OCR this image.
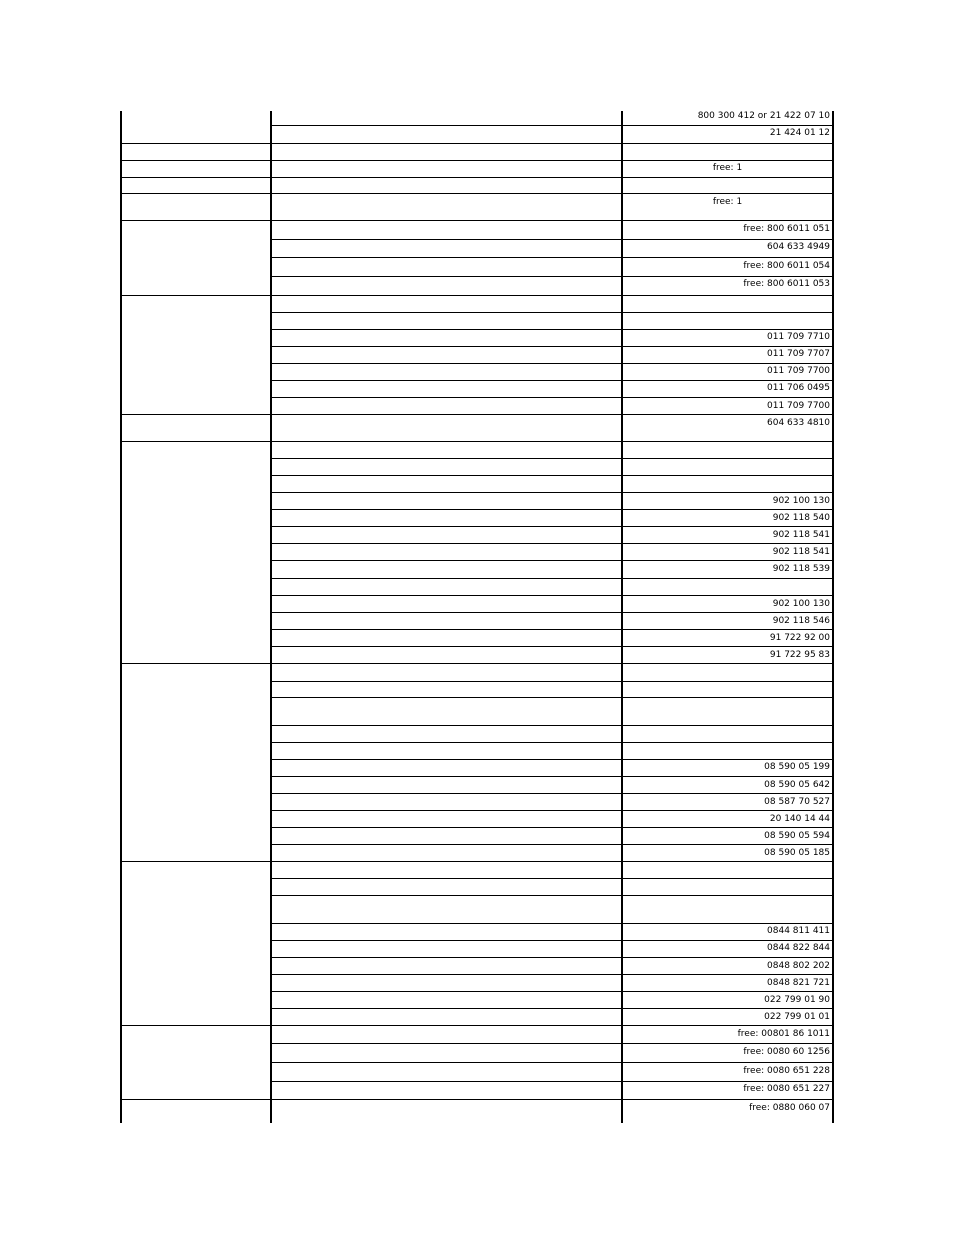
800 300 412 or 21 422 07 10
21 424 01 12
free: 1
free: 1
free: 800 6011 051
604 633 4949
free: 800 6011 054
free: 800 6011 053
011 709 7710
011 709 7707
011 709 7700
011 706 0495
011 709 7700
604 633 4810
902 100 130
902 118 540
902 118 541
902 118 541
902 118 539
902 100 130
902 118 546
91 722 92 00
91 722 95 83
08 590 05 199
08 590 05 642
08 587 70 527
20 140 14 44
08 590 05 594
08 590 05 185
0844 811 411
0844 822 844
0848 802 202
0848 821 721
022 799 01 90
022 799 01 01
free: 00801 86 1011
free: 0080 60 1256
free: 0080 651 228
free: 0080 651 227
free: 0880 060 07
